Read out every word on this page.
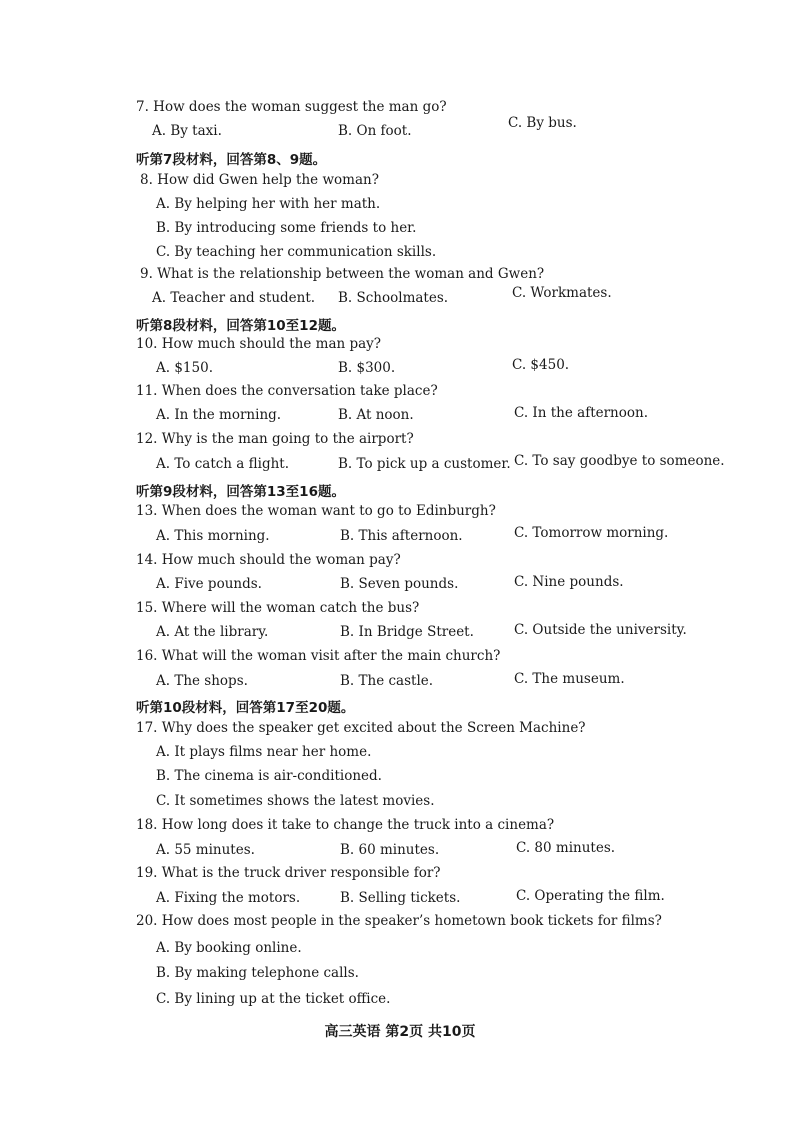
7. How does the woman suggest the man go?
A. By taxi.	B. On foot.	C. By bus.
听第7段材料，回答第8、9题。
8. How did Gwen help the woman?
A. By helping her with her math.
B. By introducing some friends to her.
C. By teaching her communication skills.
9. What is the relationship between the woman and Gwen?
A. Teacher and student. B. Schoolmates.	C. Workmates.
听第8段材料，回答第10至12题。
10. How much should the man pay?
A. $150.	B. $300.	C. $450.
11. When does the conversation take place?
A. In the morning.	B. At noon.	C. In the afternoon.
12. Why is the man going to the airport?
A. To catch a flight.	B. To pick up a customer. C. To say goodbye to someone.
听第9段材料，回答第13至16题。
13. When does the woman want to go to Edinburgh?
A. This morning.	B. This afternoon.	C. Tomorrow morning.
14. How much should the woman pay?
A. Five pounds.	B. Seven pounds.	C. Nine pounds.
15. Where will the woman catch the bus?
A. At the library.	B. In Bridge Street.	C. Outside the university.
16. What will the woman visit after the main church?
A. The shops.	B. The castle.	C. The museum.
听第10段材料，回答第17至20题。
17. Why does the speaker get excited about the Screen Machine?
A. It plays films near her home.
B. The cinema is air-conditioned.
C. It sometimes shows the latest movies.
18. How long does it take to change the truck into a cinema?
A. 55 minutes.	B. 60 minutes.	C. 80 minutes.
19. What is the truck driver responsible for?
A. Fixing the motors.	B. Selling tickets.	C. Operating the film.
20. How does most people in the speaker’s hometown book tickets for films?
A. By booking online.
B. By making telephone calls.
C. By lining up at the ticket office.
高三英语 第2页 共10页
